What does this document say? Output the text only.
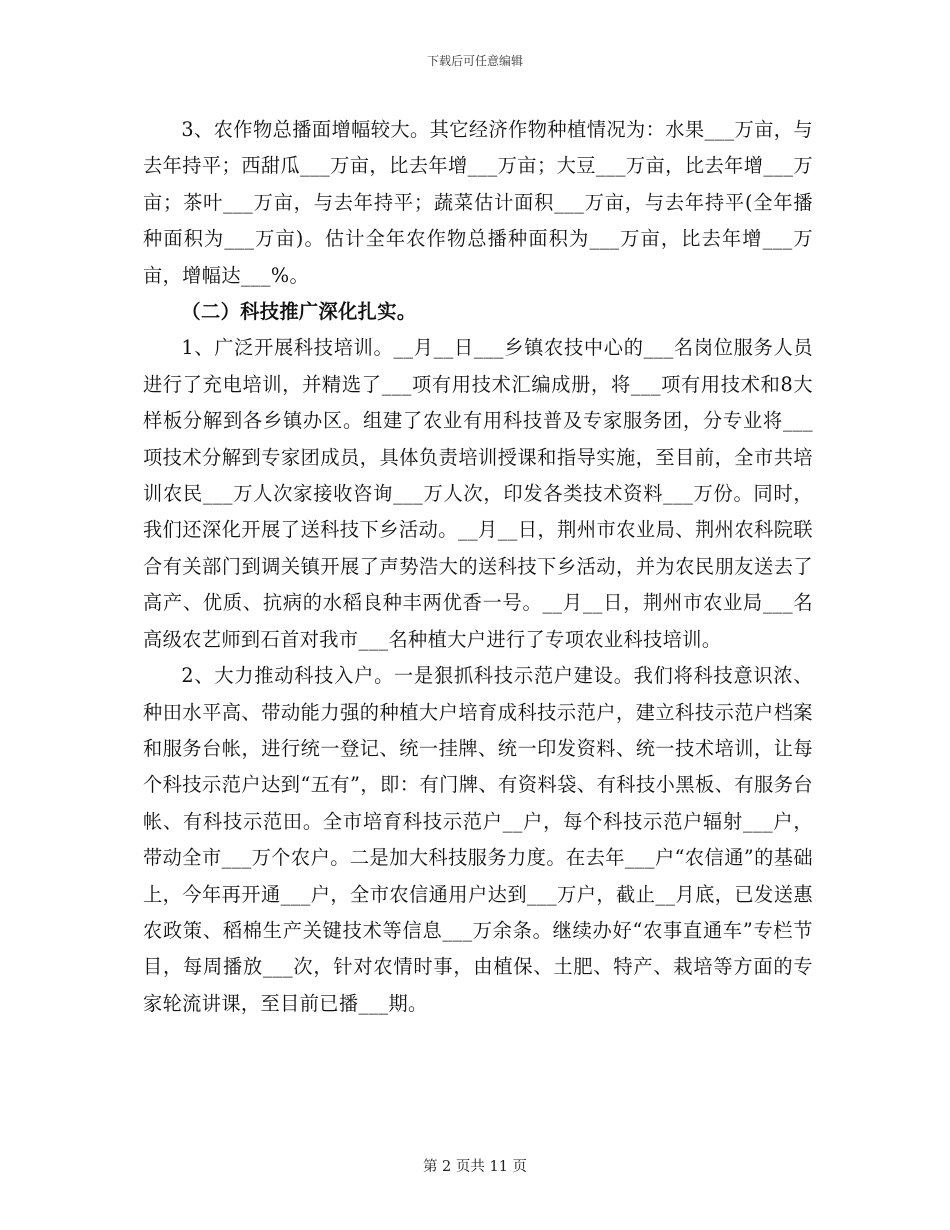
下载后可任意编辑

3、农作物总播面增幅较大。其它经济作物种植情况为：水果___万亩，与去年持平；西甜瓜___万亩，比去年增___万亩；大豆___万亩，比去年增___万亩；茶叶___万亩，与去年持平；蔬菜估计面积___万亩，与去年持平(全年播种面积为___万亩)。估计全年农作物总播种面积为___万亩，比去年增___万亩，增幅达___%。

（二）科技推广深化扎实。

1、广泛开展科技培训。__月__日___乡镇农技中心的___名岗位服务人员进行了充电培训，并精选了___项有用技术汇编成册，将___项有用技术和8大样板分解到各乡镇办区。组建了农业有用科技普及专家服务团，分专业将___项技术分解到专家团成员，具体负责培训授课和指导实施，至目前，全市共培训农民___万人次家接收咨询___万人次，印发各类技术资料___万份。同时，我们还深化开展了送科技下乡活动。__月__日，荆州市农业局、荆州农科院联合有关部门到调关镇开展了声势浩大的送科技下乡活动，并为农民朋友送去了高产、优质、抗病的水稻良种丰两优香一号。__月__日，荆州市农业局___名高级农艺师到石首对我市___名种植大户进行了专项农业科技培训。

2、大力推动科技入户。一是狠抓科技示范户建设。我们将科技意识浓、种田水平高、带动能力强的种植大户培育成科技示范户，建立科技示范户档案和服务台帐，进行统一登记、统一挂牌、统一印发资料、统一技术培训，让每个科技示范户达到“五有”，即：有门牌、有资料袋、有科技小黑板、有服务台帐、有科技示范田。全市培育科技示范户__户，每个科技示范户辐射___户，带动全市___万个农户。二是加大科技服务力度。在去年___户“农信通”的基础上，今年再开通___户，全市农信通用户达到___万户，截止__月底，已发送惠农政策、稻棉生产关键技术等信息___万余条。继续办好“农事直通车”专栏节目，每周播放___次，针对农情时事，由植保、土肥、特产、栽培等方面的专家轮流讲课，至目前已播___期。

第 2 页共 11 页
